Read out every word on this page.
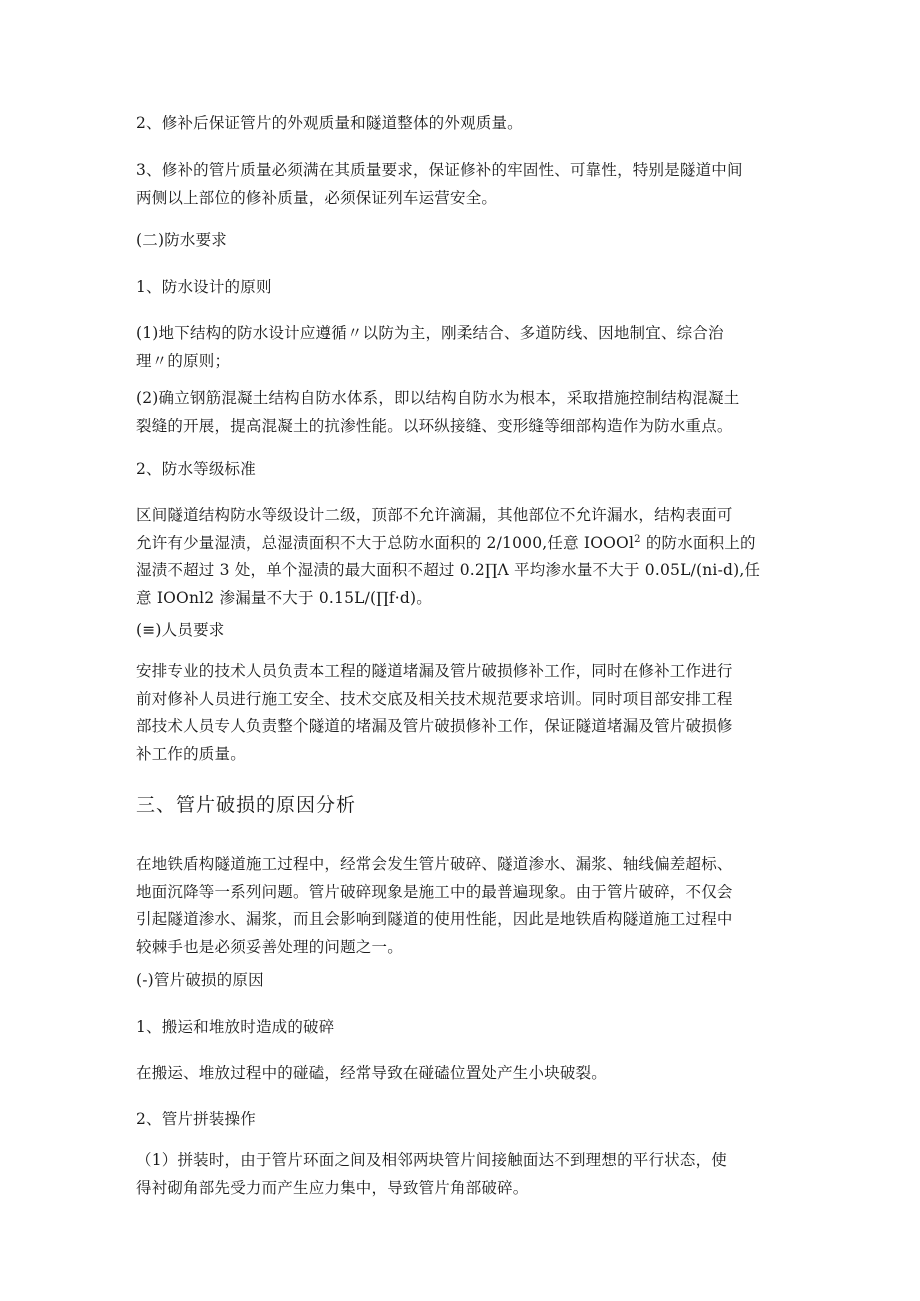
2、修补后保证管片的外观质量和隧道整体的外观质量。
3、修补的管片质量必须满在其质量要求，保证修补的牢固性、可靠性，特别是隧道中间
两侧以上部位的修补质量，必须保证列车运营安全。
(二)防水要求
1、防水设计的原则
(1)地下结构的防水设计应遵循〃以防为主，刚柔结合、多道防线、因地制宜、综合治
理〃的原则；
(2)确立钢筋混凝土结构自防水体系，即以结构自防水为根本，采取措施控制结构混凝土
裂缝的开展，提高混凝土的抗渗性能。以环纵接缝、变形缝等细部构造作为防水重点。
2、防水等级标准
区间隧道结构防水等级设计二级，顶部不允许滴漏，其他部位不允许漏水，结构表面可
允许有少量湿渍，总湿渍面积不大于总防水面积的 2/1000,任意 IOOOl$^2$ 的防水面积上的
湿渍不超过 3 处，单个湿渍的最大面积不超过 0.2∏Λ 平均渗水量不大于 0.05L∕(ni-d),任
意 IOOnl2 渗漏量不大于 0.15L∕(∏f·d)。
(≡)人员要求
安排专业的技术人员负责本工程的隧道堵漏及管片破损修补工作，同时在修补工作进行
前对修补人员进行施工安全、技术交底及相关技术规范要求培训。同时项目部安排工程
部技术人员专人负责整个隧道的堵漏及管片破损修补工作，保证隧道堵漏及管片破损修
补工作的质量。
三、管片破损的原因分析
在地铁盾构隧道施工过程中，经常会发生管片破碎、隧道渗水、漏浆、轴线偏差超标、
地面沉降等一系列问题。管片破碎现象是施工中的最普遍现象。由于管片破碎，不仅会
引起隧道渗水、漏浆，而且会影响到隧道的使用性能，因此是地铁盾构隧道施工过程中
较棘手也是必须妥善处理的问题之一。
(-)管片破损的原因
1、搬运和堆放时造成的破碎
在搬运、堆放过程中的碰磕，经常导致在碰磕位置处产生小块破裂。
2、管片拼装操作
（1）拼装时，由于管片环面之间及相邻两块管片间接触面达不到理想的平行状态，使
得衬砌角部先受力而产生应力集中，导致管片角部破碎。
